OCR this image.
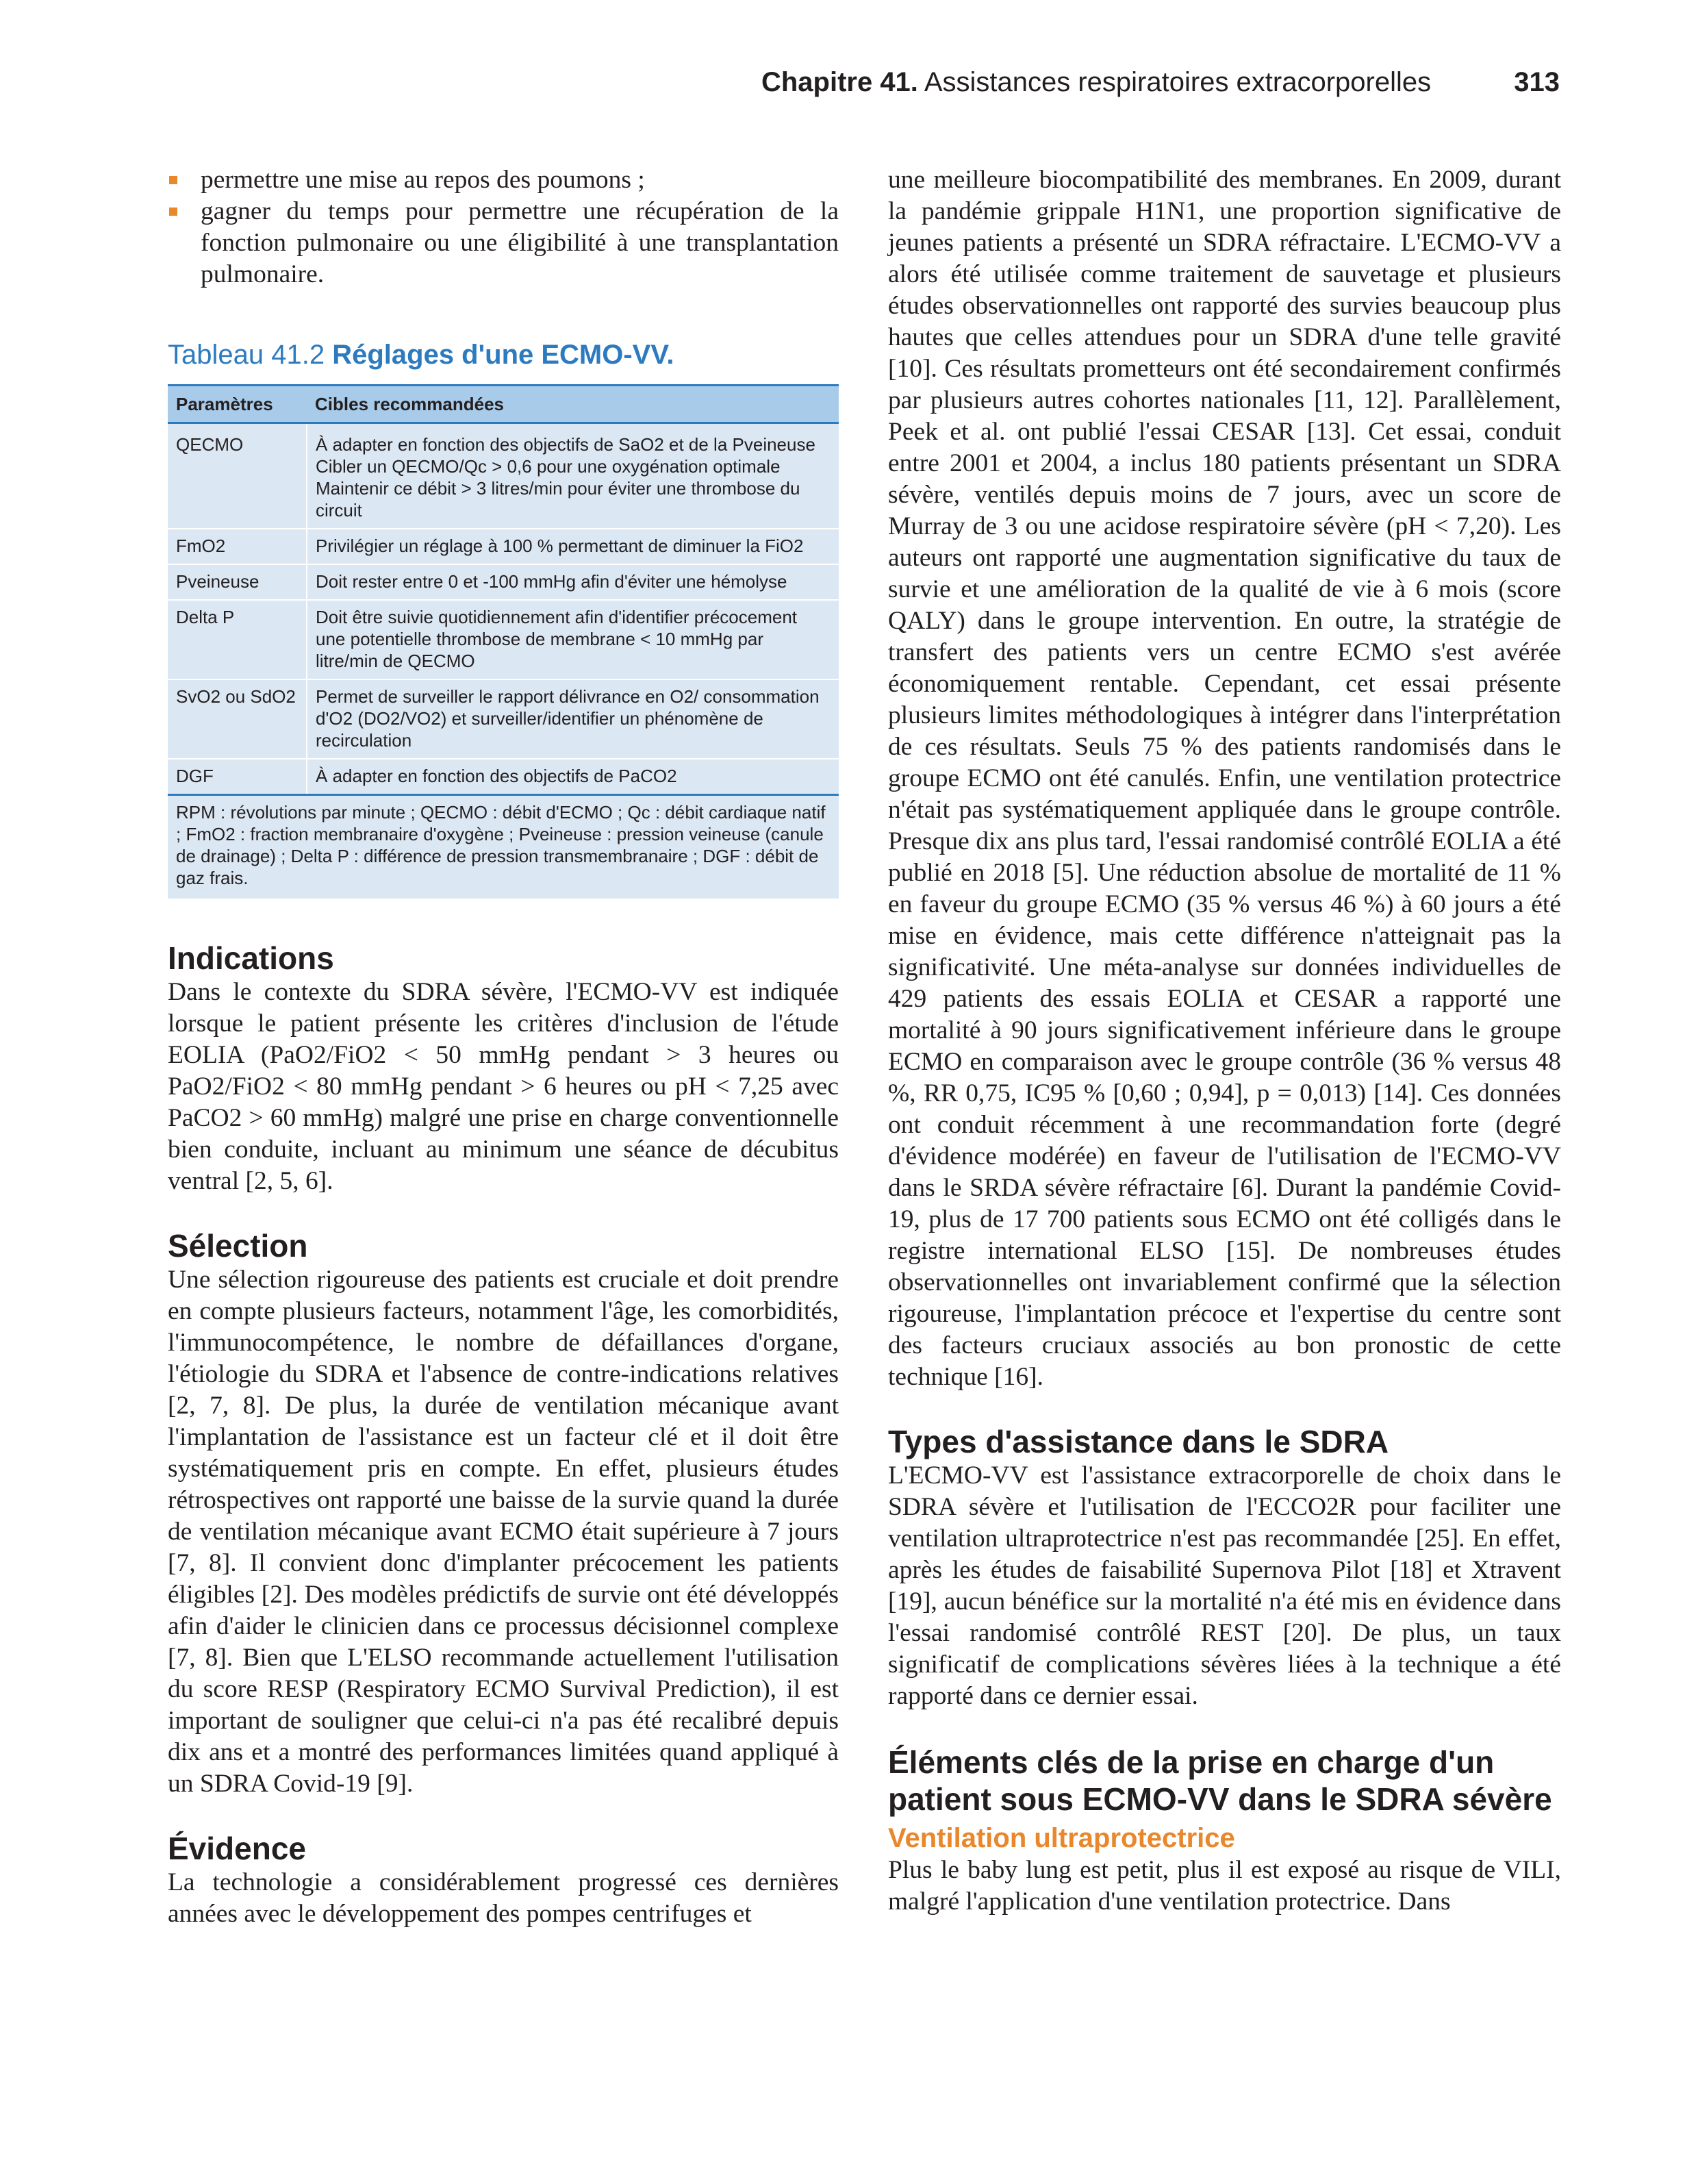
Chapitre 41. Assistances respiratoires extracorporelles	313
permettre une mise au repos des poumons ;
gagner du temps pour permettre une récupération de la fonction pulmonaire ou une éligibilité à une transplantation pulmonaire.
Tableau 41.2 Réglages d'une ECMO-VV.
Paramètres	Cibles recommandées
QECMO	À adapter en fonction des objectifs de SaO2 et de la Pveineuse Cibler un QECMO/Qc > 0,6 pour une oxygénation optimale Maintenir ce débit > 3 litres/min pour éviter une thrombose du circuit
FmO2	Privilégier un réglage à 100 % permettant de diminuer la FiO2
Pveineuse	Doit rester entre 0 et -100 mmHg afin d'éviter une hémolyse
Delta P	Doit être suivie quotidiennement afin d'identifier précocement une potentielle thrombose de membrane < 10 mmHg par litre/min de QECMO
SvO2 ou SdO2	Permet de surveiller le rapport délivrance en O2/ consommation d'O2 (DO2/VO2) et surveiller/identifier un phénomène de recirculation
DGF	À adapter en fonction des objectifs de PaCO2
RPM : révolutions par minute ; QECMO : débit d'ECMO ; Qc : débit cardiaque natif ; FmO2 : fraction membranaire d'oxygène ; Pveineuse : pression veineuse (canule de drainage) ; Delta P : différence de pression transmembranaire ; DGF : débit de gaz frais.
Indications

Dans le contexte du SDRA sévère, l'ECMO-VV est indiquée lorsque le patient présente les critères d'inclusion de l'étude EOLIA (PaO2/FiO2 < 50 mmHg pendant > 3 heures ou PaO2/FiO2 < 80 mmHg pendant > 6 heures ou pH < 7,25 avec PaCO2 > 60 mmHg) malgré une prise en charge conventionnelle bien conduite, incluant au minimum une séance de décubitus ventral [2, 5, 6].

Sélection

Une sélection rigoureuse des patients est cruciale et doit prendre en compte plusieurs facteurs, notamment l'âge, les comorbidités, l'immunocompétence, le nombre de défaillances d'organe, l'étiologie du SDRA et l'absence de contre-indications relatives [2, 7, 8]. De plus, la durée de ventilation mécanique avant l'implantation de l'assistance est un facteur clé et il doit être systématiquement pris en compte. En effet, plusieurs études rétrospectives ont rapporté une baisse de la survie quand la durée de ventilation mécanique avant ECMO était supérieure à 7 jours [7, 8]. Il convient donc d'implanter précocement les patients éligibles [2]. Des modèles prédictifs de survie ont été développés afin d'aider le clinicien dans ce processus décisionnel complexe [7, 8]. Bien que L'ELSO recommande actuellement l'utilisation du score RESP (Respiratory ECMO Survival Prediction), il est important de souligner que celui-ci n'a pas été recalibré depuis dix ans et a montré des performances limitées quand appliqué à un SDRA Covid-19 [9].

Évidence

La technologie a considérablement progressé ces dernières années avec le développement des pompes centrifuges et

une meilleure biocompatibilité des membranes. En 2009, durant la pandémie grippale H1N1, une proportion significative de jeunes patients a présenté un SDRA réfractaire. L'ECMO-VV a alors été utilisée comme traitement de sauvetage et plusieurs études observationnelles ont rapporté des survies beaucoup plus hautes que celles attendues pour un SDRA d'une telle gravité [10]. Ces résultats prometteurs ont été secondairement confirmés par plusieurs autres cohortes nationales [11, 12]. Parallèlement, Peek et al. ont publié l'essai CESAR [13]. Cet essai, conduit entre 2001 et 2004, a inclus 180 patients présentant un SDRA sévère, ventilés depuis moins de 7 jours, avec un score de Murray de 3 ou une acidose respiratoire sévère (pH < 7,20). Les auteurs ont rapporté une augmentation significative du taux de survie et une amélioration de la qualité de vie à 6 mois (score QALY) dans le groupe intervention. En outre, la stratégie de transfert des patients vers un centre ECMO s'est avérée économiquement rentable. Cependant, cet essai présente plusieurs limites méthodologiques à intégrer dans l'interprétation de ces résultats. Seuls 75 % des patients randomisés dans le groupe ECMO ont été canulés. Enfin, une ventilation protectrice n'était pas systématiquement appliquée dans le groupe contrôle. Presque dix ans plus tard, l'essai randomisé contrôlé EOLIA a été publié en 2018 [5]. Une réduction absolue de mortalité de 11 % en faveur du groupe ECMO (35 % versus 46 %) à 60 jours a été mise en évidence, mais cette différence n'atteignait pas la significativité. Une méta-analyse sur données individuelles de 429 patients des essais EOLIA et CESAR a rapporté une mortalité à 90 jours significativement inférieure dans le groupe ECMO en comparaison avec le groupe contrôle (36 % versus 48 %, RR 0,75, IC95 % [0,60 ; 0,94], p = 0,013) [14]. Ces données ont conduit récemment à une recommandation forte (degré d'évidence modérée) en faveur de l'utilisation de l'ECMO-VV dans le SRDA sévère réfractaire [6]. Durant la pandémie Covid-19, plus de 17 700 patients sous ECMO ont été colligés dans le registre international ELSO [15]. De nombreuses études observationnelles ont invariablement confirmé que la sélection rigoureuse, l'implantation précoce et l'expertise du centre sont des facteurs cruciaux associés au bon pronostic de cette technique [16].

Types d'assistance dans le SDRA

L'ECMO-VV est l'assistance extracorporelle de choix dans le SDRA sévère et l'utilisation de l'ECCO2R pour faciliter une ventilation ultraprotectrice n'est pas recommandée [25]. En effet, après les études de faisabilité Supernova Pilot [18] et Xtravent [19], aucun bénéfice sur la mortalité n'a été mis en évidence dans l'essai randomisé contrôlé REST [20]. De plus, un taux significatif de complications sévères liées à la technique a été rapporté dans ce dernier essai.

Éléments clés de la prise en charge d'un patient sous ECMO-VV dans le SDRA sévère
Ventilation ultraprotectrice

Plus le baby lung est petit, plus il est exposé au risque de VILI, malgré l'application d'une ventilation protectrice. Dans
